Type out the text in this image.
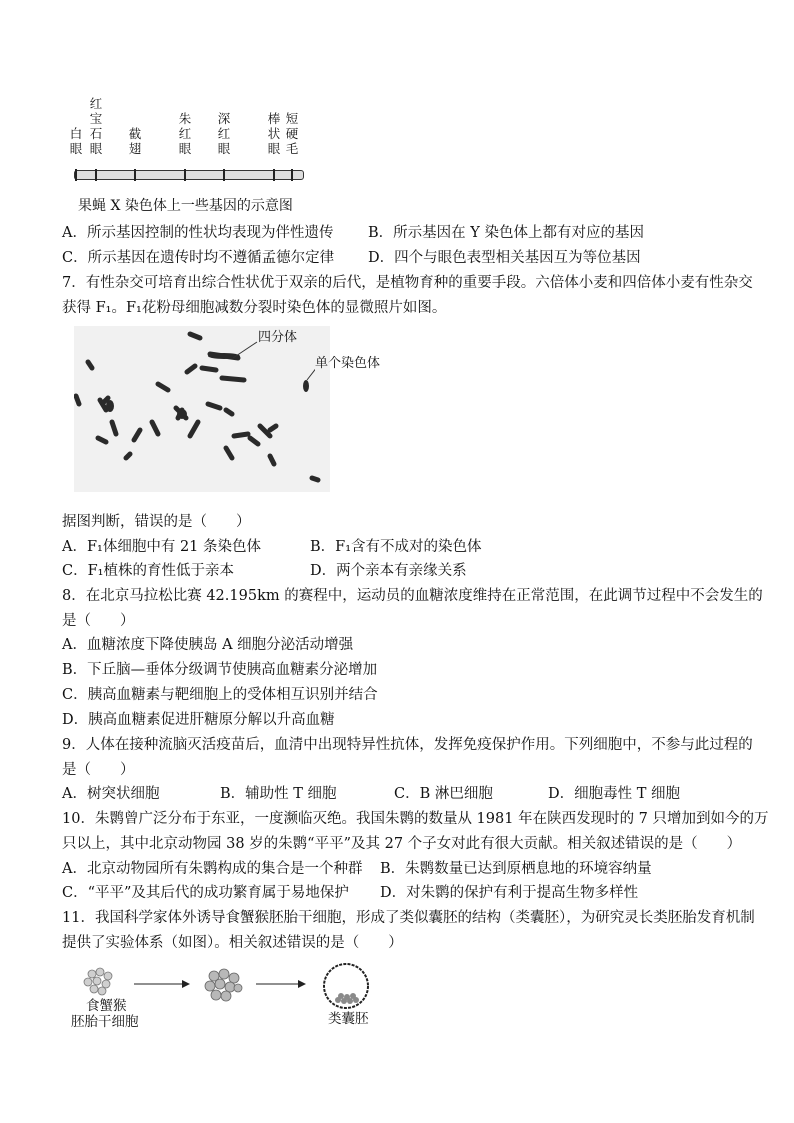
白眼
红宝石眼
截翅
朱红眼
深红眼
棒状眼
短硬毛
果蝇 X 染色体上一些基因的示意图
A．所示基因控制的性状均表现为伴性遗传 B．所示基因在 Y 染色体上都有对应的基因
C．所示基因在遗传时均不遵循孟德尔定律 D．四个与眼色表型相关基因互为等位基因
7．有性杂交可培育出综合性状优于双亲的后代，是植物育种的重要手段。六倍体小麦和四倍体小麦有性杂交
获得 F₁。F₁花粉母细胞减数分裂时染色体的显微照片如图。
四分体
单个染色体
据图判断，错误的是（　　）
A．F₁体细胞中有 21 条染色体	B．F₁含有不成对的染色体
C．F₁植株的育性低于亲本	D．两个亲本有亲缘关系
8．在北京马拉松比赛 42.195km 的赛程中，运动员的血糖浓度维持在正常范围，在此调节过程中不会发生的
是（　　）
A．血糖浓度下降使胰岛 A 细胞分泌活动增强
B．下丘脑—垂体分级调节使胰高血糖素分泌增加
C．胰高血糖素与靶细胞上的受体相互识别并结合
D．胰高血糖素促进肝糖原分解以升高血糖
9．人体在接种流脑灭活疫苗后，血清中出现特异性抗体，发挥免疫保护作用。下列细胞中，不参与此过程的
是（　　）
A．树突状细胞	B．辅助性 T 细胞	C．B 淋巴细胞	D．细胞毒性 T 细胞
10．朱鹮曾广泛分布于东亚，一度濒临灭绝。我国朱鹮的数量从 1981 年在陕西发现时的 7 只增加到如今的万
只以上，其中北京动物园 38 岁的朱鹮“平平”及其 27 个子女对此有很大贡献。相关叙述错误的是（　　）
A．北京动物园所有朱鹮构成的集合是一个种群 B．朱鹮数量已达到原栖息地的环境容纳量
C．“平平”及其后代的成功繁育属于易地保护 D．对朱鹮的保护有利于提高生物多样性
11．我国科学家体外诱导食蟹猴胚胎干细胞，形成了类似囊胚的结构（类囊胚），为研究灵长类胚胎发育机制
提供了实验体系（如图）。相关叙述错误的是（　　）
食蟹猴
胚胎干细胞	类囊胚
